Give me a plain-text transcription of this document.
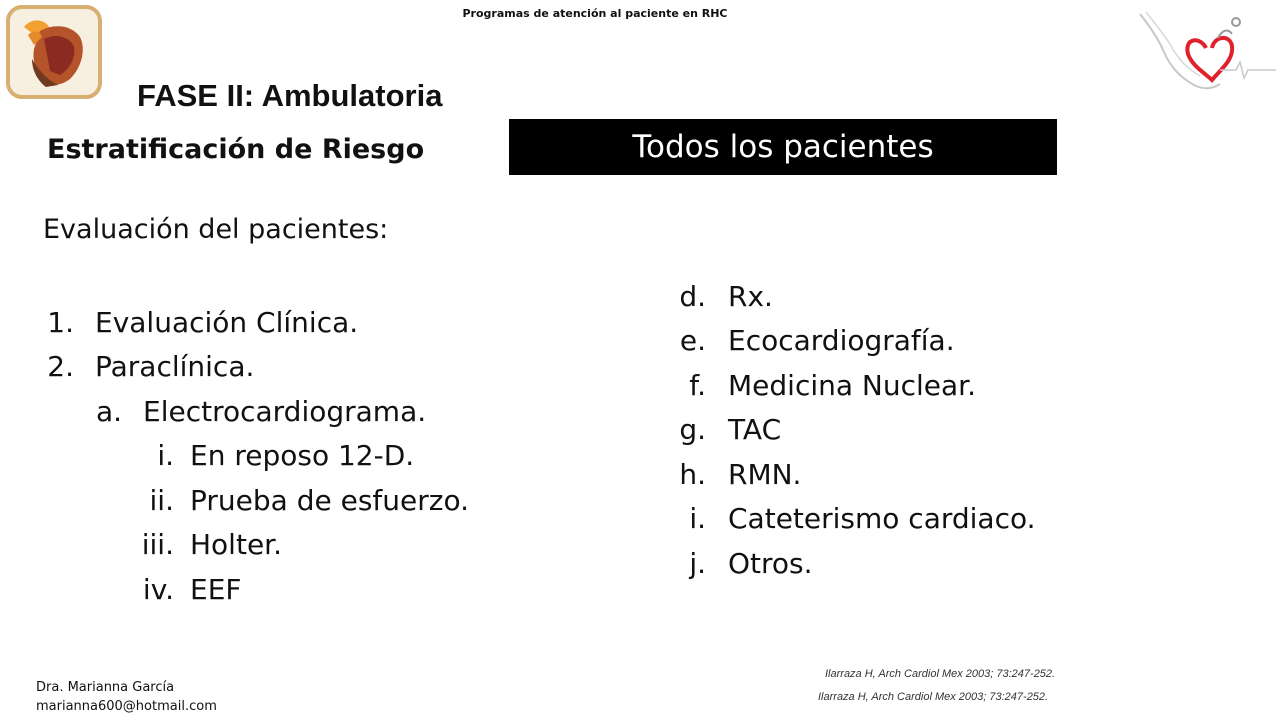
Programas de atención al paciente en RHC
FASE II: Ambulatoria
Estratificación de Riesgo	Todos los pacientes
Evaluación del pacientes:
1. Evaluación Clínica.
2. Paraclínica.
a. Electrocardiograma.
i. En reposo 12-D.
ii. Prueba de esfuerzo.
iii. Holter.
iv. EEF
d. Rx.
e. Ecocardiografía.
f. Medicina Nuclear.
g. TAC
h. RMN.
i. Cateterismo cardiaco.
j. Otros.
Dra. Marianna García
marianna600@hotmail.com
Ilarraza H, Arch Cardiol Mex 2003; 73:247-252.
Ilarraza H, Arch Cardiol Mex 2003; 73:247-252.
